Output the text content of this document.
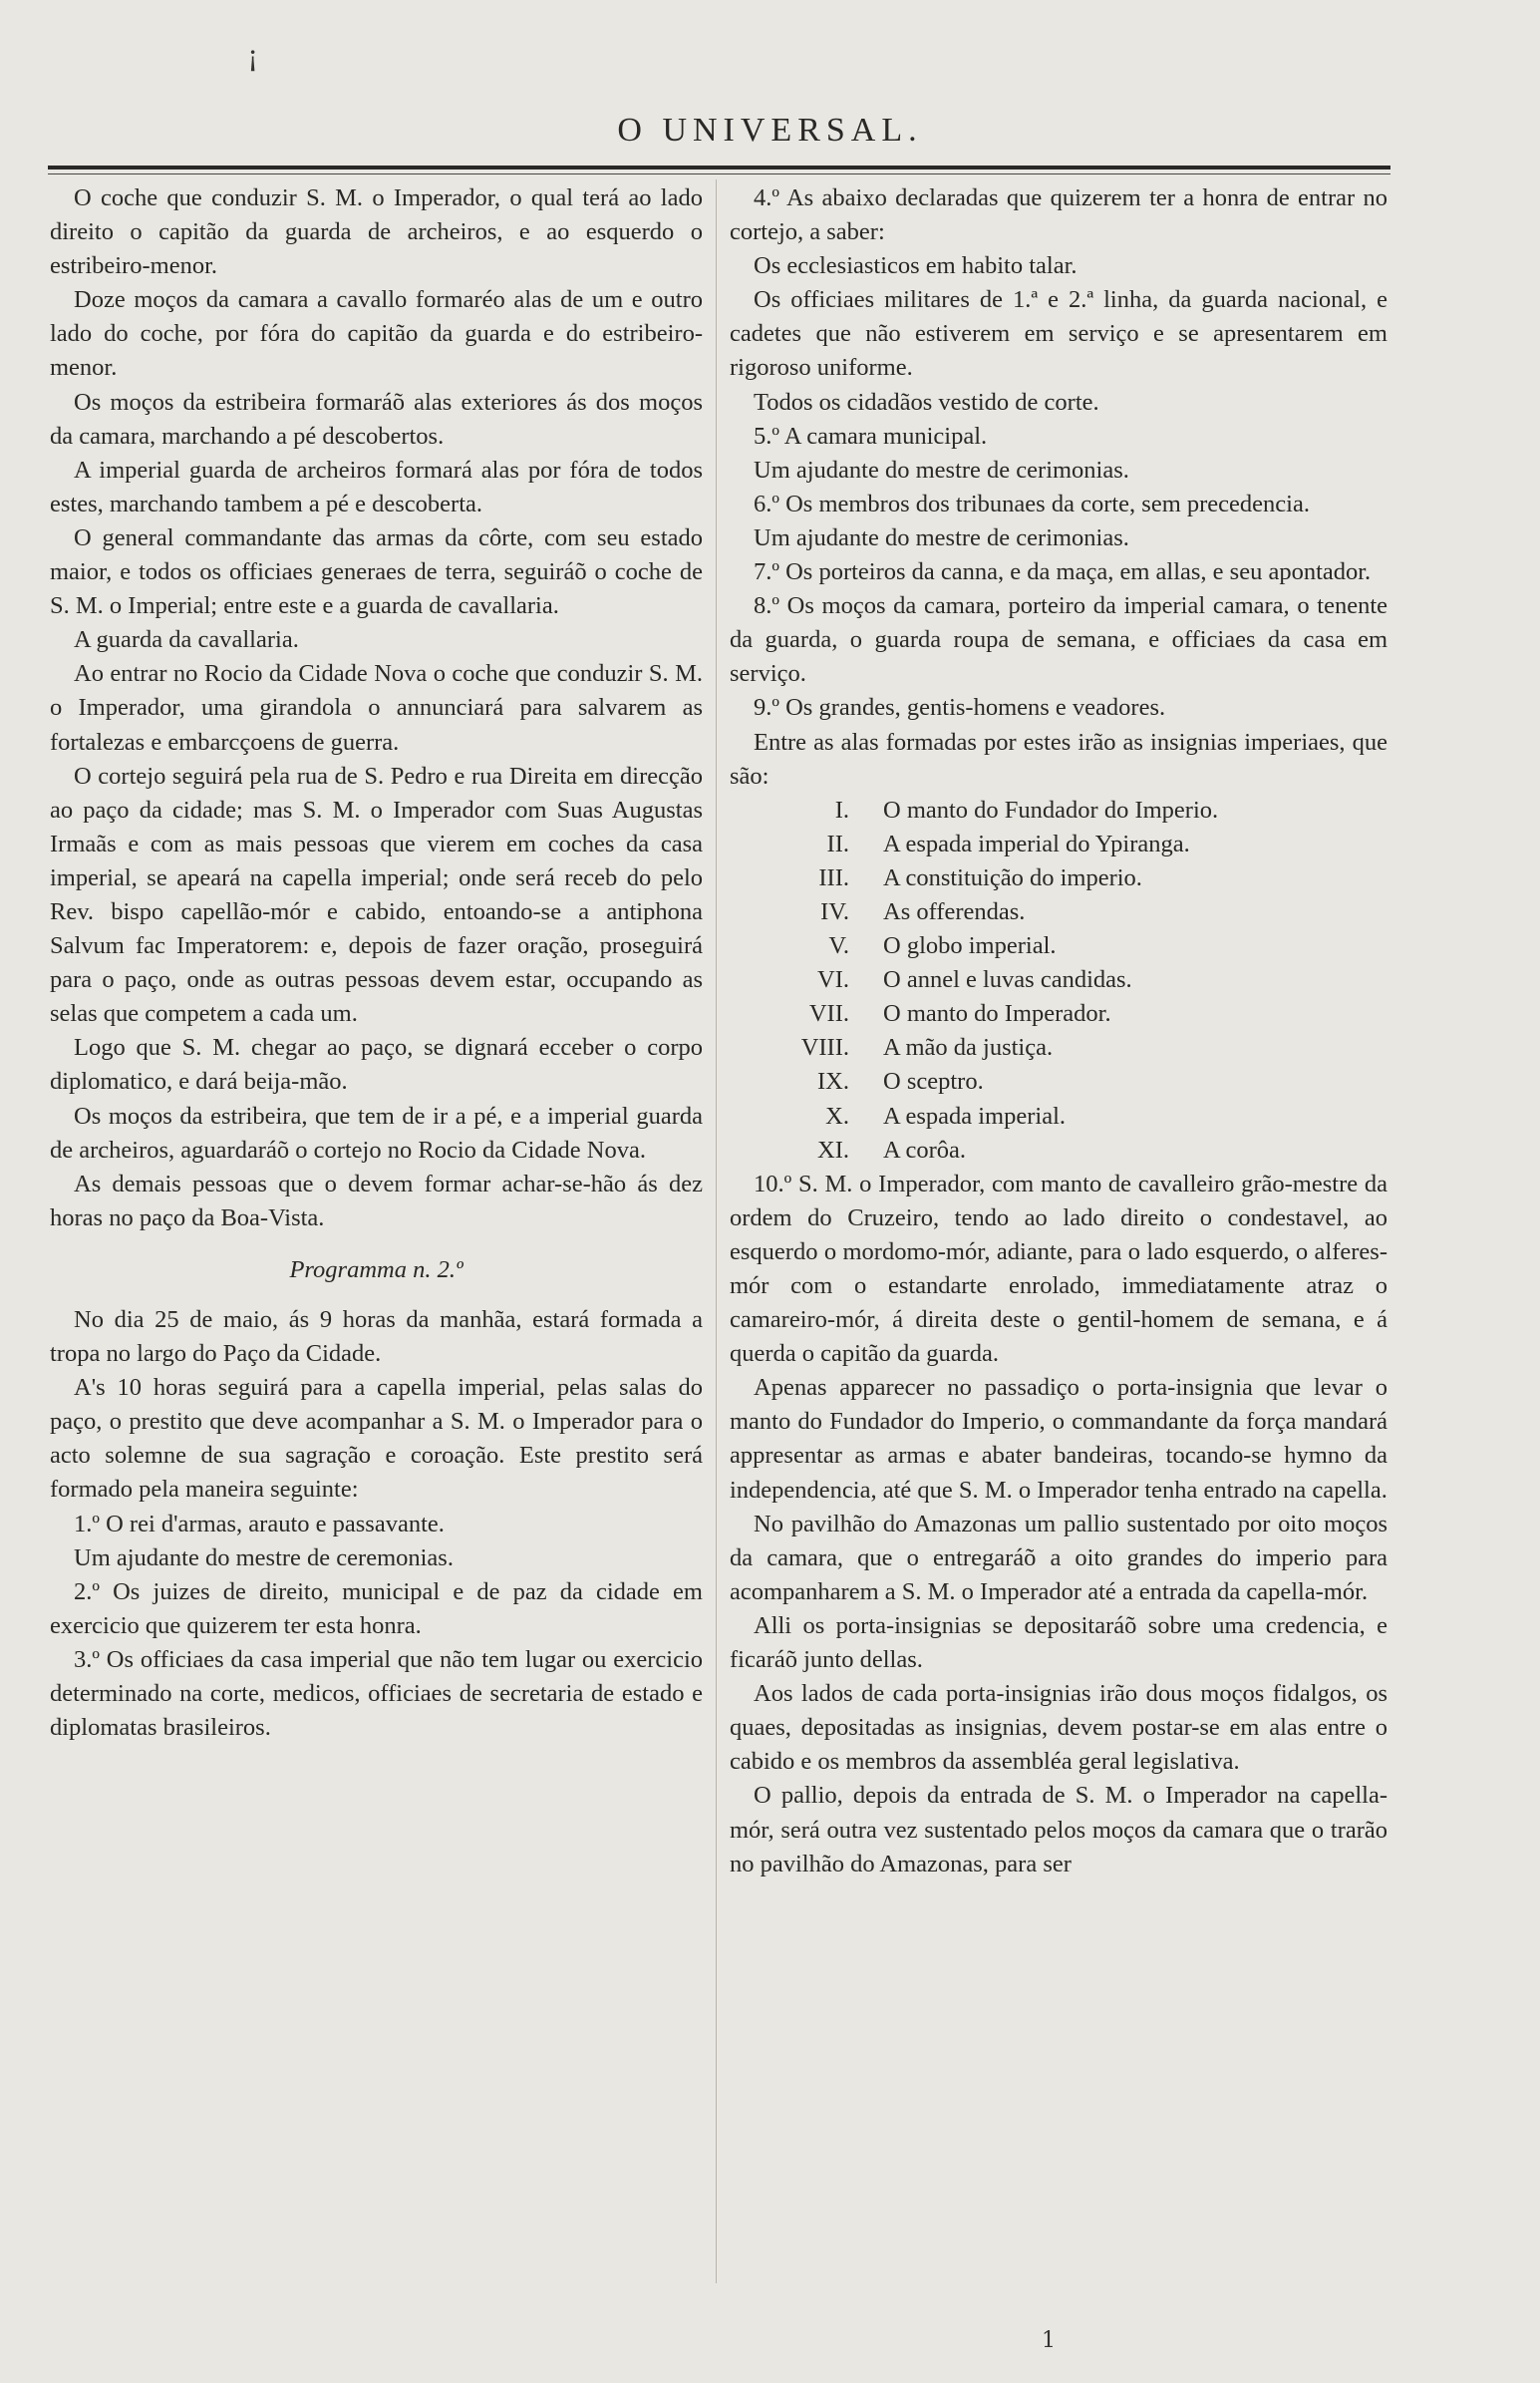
¡
O UNIVERSAL.

O coche que conduzir S. M. o Imperador, o qual terá ao lado direito o capitão da guarda de archeiros, e ao esquerdo o estribeiro-menor.

Doze moços da camara a cavallo formaréo alas de um e outro lado do coche, por fóra do capitão da guarda e do estribeiro-menor.

Os moços da estribeira formaráõ alas exteriores ás dos moços da camara, marchando a pé descobertos.

A imperial guarda de archeiros formará alas por fóra de todos estes, marchando tambem a pé e descoberta.

O general commandante das armas da côrte, com seu estado maior, e todos os officiaes generaes de terra, seguiráõ o coche de S. M. o Imperial; entre este e a guarda de cavallaria.

A guarda da cavallaria.

Ao entrar no Rocio da Cidade Nova o coche que conduzir S. M. o Imperador, uma girandola o annunciará para salvarem as fortalezas e embarcçoens de guerra.

O cortejo seguirá pela rua de S. Pedro e rua Direita em direcção ao paço da cidade; mas S. M. o Imperador com Suas Augustas Irmaãs e com as mais pessoas que vierem em coches da casa imperial, se apeará na capella imperial; onde será receb do pelo Rev. bispo capellão-mór e cabido, entoando-se a antiphona Salvum fac Imperatorem: e, depois de fazer oração, proseguirá para o paço, onde as outras pessoas devem estar, occupando as selas que competem a cada um.

Logo que S. M. chegar ao paço, se dignará ecceber o corpo diplomatico, e dará beija-mão.

Os moços da estribeira, que tem de ir a pé, e a imperial guarda de archeiros, aguardaráõ o cortejo no Rocio da Cidade Nova.

As demais pessoas que o devem formar achar-se-hão ás dez horas no paço da Boa-Vista.

Programma n. 2.º

No dia 25 de maio, ás 9 horas da manhãa, estará formada a tropa no largo do Paço da Cidade.

A's 10 horas seguirá para a capella imperial, pelas salas do paço, o prestito que deve acompanhar a S. M. o Imperador para o acto solemne de sua sagração e coroação. Este prestito será formado pela maneira seguinte:

1.º O rei d'armas, arauto e passavante.

Um ajudante do mestre de ceremonias.

2.º Os juizes de direito, municipal e de paz da cidade em exercicio que quizerem ter esta honra.

3.º Os officiaes da casa imperial que não tem lugar ou exercicio determinado na corte, medicos, officiaes de secretaria de estado e diplomatas brasileiros.

4.º As abaixo declaradas que quizerem ter a honra de entrar no cortejo, a saber:

Os ecclesiasticos em habito talar.

Os officiaes militares de 1.ª e 2.ª linha, da guarda nacional, e cadetes que não estiverem em serviço e se apresentarem em rigoroso uniforme.

Todos os cidadãos vestido de corte.

5.º A camara municipal.

Um ajudante do mestre de cerimonias.

6.º Os membros dos tribunaes da corte, sem precedencia.

Um ajudante do mestre de cerimonias.

7.º Os porteiros da canna, e da maça, em allas, e seu apontador.

8.º Os moços da camara, porteiro da imperial camara, o tenente da guarda, o guarda roupa de semana, e officiaes da casa em serviço.

9.º Os grandes, gentis-homens e veadores.

Entre as alas formadas por estes irão as insignias imperiaes, que são:

I.	O manto do Fundador do Imperio.
II.	A espada imperial do Ypiranga.
III.	A constituição do imperio.
IV.	As offerendas.
V.	O globo imperial.
VI.	O annel e luvas candidas.
VII.	O manto do Imperador.
VIII.	A mão da justiça.
IX.	O sceptro.
X.	A espada imperial.
XI.	A corôa.

10.º S. M. o Imperador, com manto de cavalleiro grão-mestre da ordem do Cruzeiro, tendo ao lado direito o condestavel, ao esquerdo o mordomo-mór, adiante, para o lado esquerdo, o alferes-mór com o estandarte enrolado, immediatamente atraz o camareiro-mór, á direita deste o gentil-homem de semana, e á querda o capitão da guarda.

Apenas apparecer no passadiço o porta-insignia que levar o manto do Fundador do Imperio, o commandante da força mandará appresentar as armas e abater bandeiras, tocando-se hymno da independencia, até que S. M. o Imperador tenha entrado na capella.

No pavilhão do Amazonas um pallio sustentado por oito moços da camara, que o entregaráõ a oito grandes do imperio para acompanharem a S. M. o Imperador até a entrada da capella-mór.

Alli os porta-insignias se depositaráõ sobre uma credencia, e ficaráõ junto dellas.

Aos lados de cada porta-insignias irão dous moços fidalgos, os quaes, depositadas as insignias, devem postar-se em alas entre o cabido e os membros da assembléa geral legislativa.

O pallio, depois da entrada de S. M. o Imperador na capella-mór, será outra vez sustentado pelos moços da camara que o trarão no pavilhão do Amazonas, para ser

1
